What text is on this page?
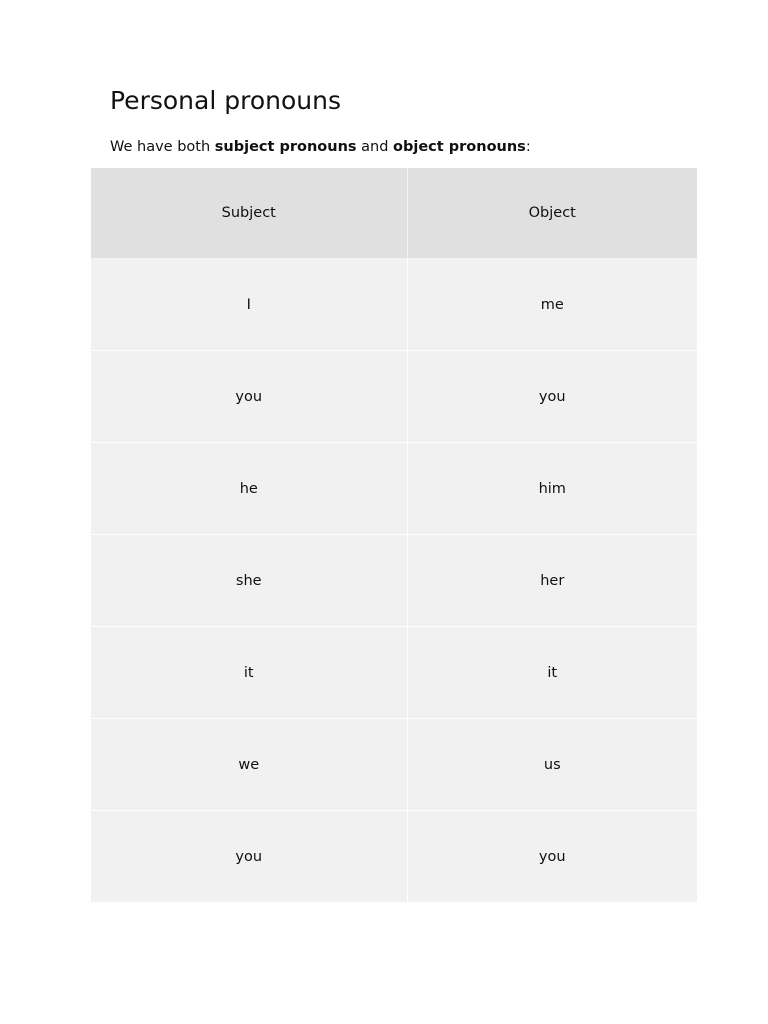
Personal pronouns

We have both subject pronouns and object pronouns:

Subject	Object
I	me
you	you
he	him
she	her
it	it
we	us
you	you
